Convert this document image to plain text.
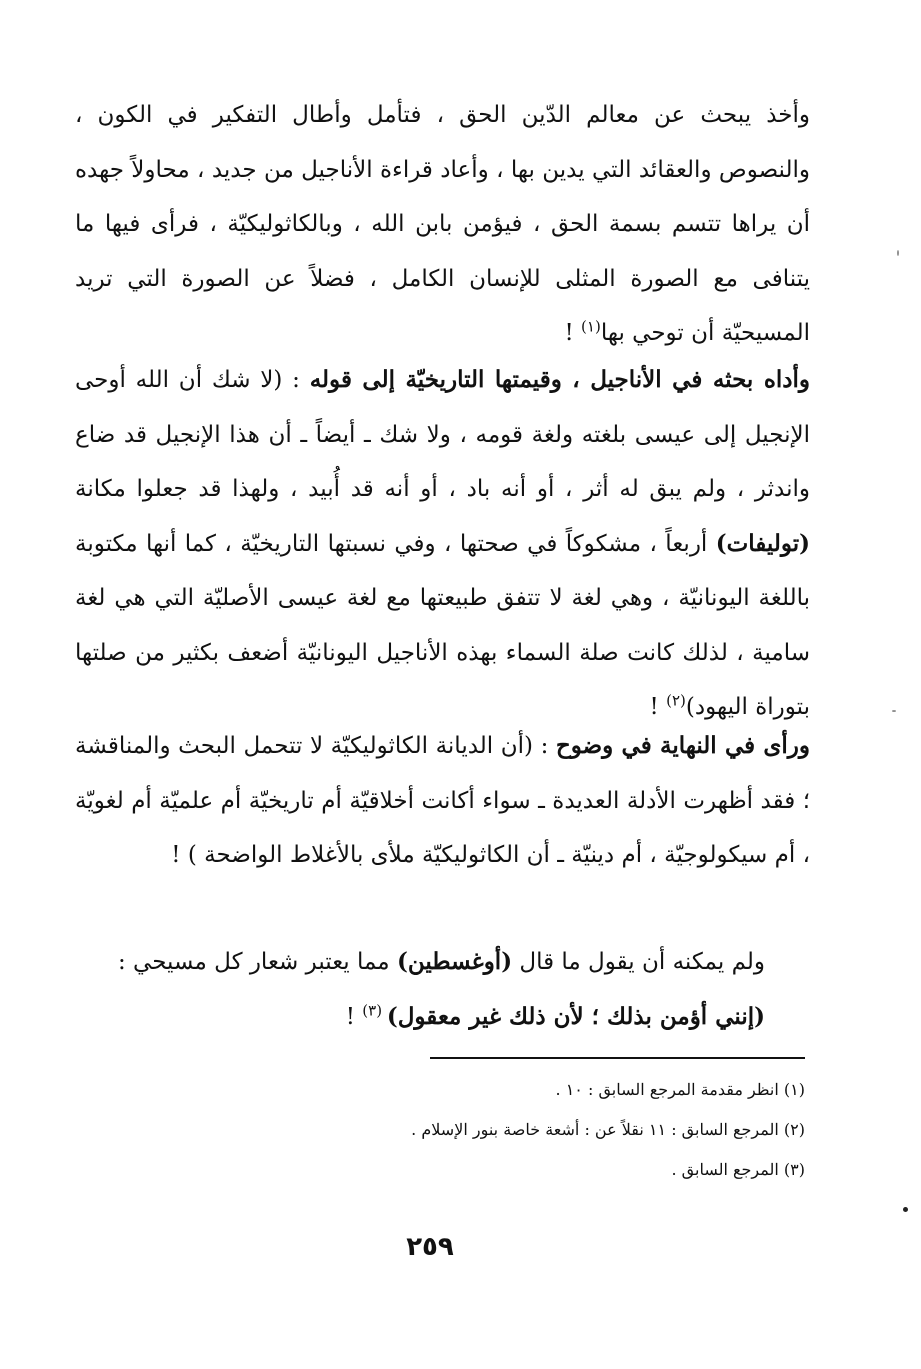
وأخذ يبحث عن معالم الدّين الحق ، فتأمل وأطال التفكير في الكون ، والنصوص والعقائد التي يدين بها ، وأعاد قراءة الأناجيل من جديد ، محاولاً جهده أن يراها تتسم بسمة الحق ، فيؤمن بابن الله ، وبالكاثوليكيّة ، فرأى فيها ما يتنافى مع الصورة المثلى للإنسان الكامل ، فضلاً عن الصورة التي تريد المسيحيّة أن توحي بها$^{(١)}$ !

وأداه بحثه في الأناجيل ، وقيمتها التاريخيّة إلى قوله : (لا شك أن الله أوحى الإنجيل إلى عيسى بلغته ولغة قومه ، ولا شك ـ أيضاً ـ أن هذا الإنجيل قد ضاع واندثر ، ولم يبق له أثر ، أو أنه باد ، أو أنه قد أُبيد ، ولهذا قد جعلوا مكانة (توليفات) أربعاً ، مشكوكاً في صحتها ، وفي نسبتها التاريخيّة ، كما أنها مكتوبة باللغة اليونانيّة ، وهي لغة لا تتفق طبيعتها مع لغة عيسى الأصليّة التي هي لغة سامية ، لذلك كانت صلة السماء بهذه الأناجيل اليونانيّة أضعف بكثير من صلتها بتوراة اليهود)$^{(٢)}$ !

ورأى في النهاية في وضوح : (أن الديانة الكاثوليكيّة لا تتحمل البحث والمناقشة ؛ فقد أظهرت الأدلة العديدة ـ سواء أكانت أخلاقيّة أم تاريخيّة أم علميّة أم لغويّة ، أم سيكولوجيّة ، أم دينيّة ـ أن الكاثوليكيّة ملأى بالأغلاط الواضحة ) !

ولم يمكنه أن يقول ما قال (أوغسطين) مما يعتبر شعار كل مسيحي :

(إنني أؤمن بذلك ؛ لأن ذلك غير معقول) $^{(٣)}$ !

(١) انظر مقدمة المرجع السابق : ١٠ .
(٢) المرجع السابق : ١١ نقلاً عن : أشعة خاصة بنور الإسلام .
(٣) المرجع السابق .
٢٥٩
